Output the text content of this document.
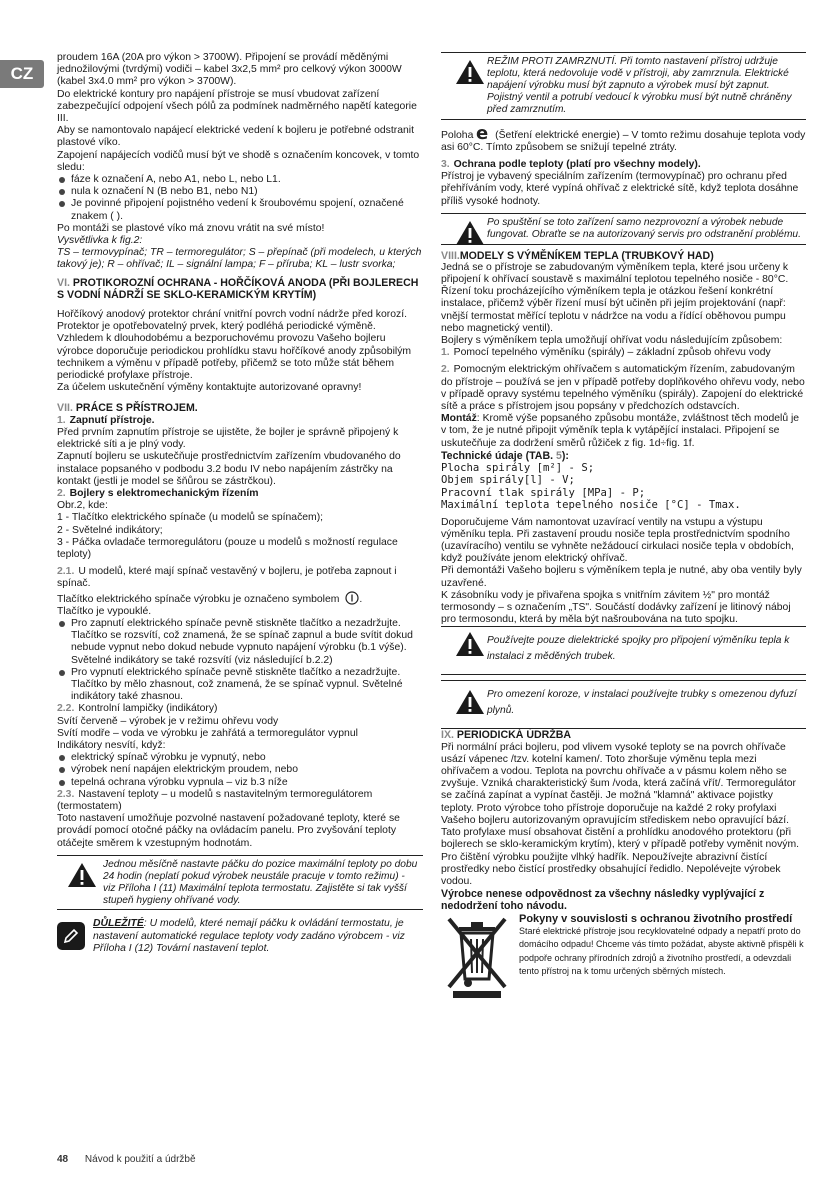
CZ

proudem 16A (20A pro výkon > 3700W). Připojení se provádí měděnými jednožilovými (tvrdými) vodiči – kabel 3x2,5 mm² pro celkový výkon 3000W (kabel 3x4.0 mm² pro výkon > 3700W).

Do elektrické kontury pro napájení přístroje se musí vbudovat zařízení zabezpečující odpojení všech pólů za podmínek nadměrného napětí kategorie III.

Aby se namontovalo napájecí elektrické vedení k bojleru je potřebné odstranit plastové víko.

Zapojení napájecích vodičů musí být ve shodě s označením koncovek, v tomto sledu:

fáze k označení A, nebo A1, nebo L, nebo L1.
nula k označení N (B nebo B1, nebo N1)
Je povinné připojení pojistného vedení k šroubovému spojení, označené znakem ( ).

Po montáži se plastové víko má znovu vrátit na své místo!

Vysvětlivka k fig.2:

TS – termovypínač; TR – termoregulátor; S – přepínač (při modelech, u kterých takový je); R – ohřívač; IL – signální lampa; F – příruba; KL – lustr svorka;

VI. PROTIKOROZNÍ OCHRANA - HOŘČÍKOVÁ ANODA (PŘI BOJLERECH S VODNÍ NÁDRŽÍ SE SKLO-KERAMICKÝM KRYTÍM)

Hořčíkový anodový protektor chrání vnitřní povrch vodní nádrže před korozí.

Protektor je opotřebovatelný prvek, který podléhá periodické výměně. Vzhledem k dlouhodobému a bezporuchovému provozu Vašeho bojleru výrobce doporučuje periodickou prohlídku stavu hořčíkové anody způsobilým technikem a výměnu v případě potřeby, přičemž se toto může stát během periodické profylaxe přístroje.

Za účelem uskutečnění výměny kontaktujte autorizované opravny!

VII. PRÁCE S PŘÍSTROJEM.

1. Zapnutí přístroje.

Před prvním zapnutím přístroje se ujistěte, že bojler je správně připojený k elektrické síti a je plný vody.

Zapnutí bojleru se uskutečňuje prostřednictvím zařízením vbudovaného do instalace popsaného v podbodu 3.2 bodu IV nebo napájením zástrčky na kontakt (jestli je model se šňůrou se zástrčkou).

2. Bojlery s elektromechanickým řízením

Obr.2, kde:

1 - Tlačítko elektrického spínače (u modelů se spínačem);

2 - Světelné indikátory;

3 - Páčka ovladače termoregulátoru (pouze u modelů s možností regulace teploty)

2.1. U modelů, které mají spínač vestavěný v bojleru, je potřeba zapnout i spínač.

Tlačítko elektrického spínače výrobku je označeno symbolem .

Tlačítko je vypouklé.

Pro zapnutí elektrického spínače pevně stiskněte tlačítko a nezadržujte. Tlačítko se rozsvítí, což znamená, že se spínač zapnul a bude svítit dokud nebude vypnut nebo dokud nebude vypnuto napájení výrobku (b.1 výše). Světelné indikátory se také rozsvítí (viz následující b.2.2)
Pro vypnutí elektrického spínače pevně stiskněte tlačítko a nezadržujte. Tlačítko by mělo zhasnout, což znamená, že se spínač vypnul. Světelné indikátory také zhasnou.

2.2. Kontrolní lampičky (indikátory)

Svítí červeně – výrobek je v režimu ohřevu vody

Svítí modře – voda ve výrobku je zahřátá a termoregulátor vypnul

Indikátory nesvítí, když:

elektrický spínač výrobku je vypnutý, nebo
výrobek není napájen elektrickým proudem, nebo
tepelná ochrana výrobku vypnula – viz b.3 níže

2.3. Nastavení teploty – u modelů s nastavitelným termoregulátorem (termostatem)

Toto nastavení umožňuje pozvolné nastavení požadované teploty, které se provádí pomocí otočné páčky na ovládacím panelu. Pro zvyšování teploty otáčejte směrem k vzestupným hodnotám.

Jednou měsíčně nastavte páčku do pozice maximální teploty po dobu 24 hodin (neplatí pokud výrobek neustále pracuje v tomto režimu) - viz Příloha I (11) Maximální teplota termostatu. Zajistěte si tak vyšší stupeň hygieny ohřívané vody.
DŮLEŽITÉ: U modelů, které nemají páčku k ovládání termostatu, je nastavení automatické regulace teploty vody zadáno výrobcem - viz Příloha I (12) Tovární nastavení teplot.
REŽIM PROTI ZAMRZNUTÍ. Při tomto nastavení přístroj udržuje teplotu, která nedovoluje vodě v přístroji, aby zamrznula. Elektrické napájení výrobku musí být zapnuto a výrobek musí být zapnut. Pojistný ventil a potrubí vedoucí k výrobku musí být nutně chráněny před zamrznutím.

Poloha e (Šetření elektrické energie) – V tomto režimu dosahuje teplota vody asi 60°C. Tímto způsobem se snižují tepelné ztráty.

3. Ochrana podle teploty (platí pro všechny modely).

Přístroj je vybavený speciálním zařízením (termovypínač) pro ochranu před přehříváním vody, které vypíná ohřívač z elektrické sítě, když teplota dosáhne příliš vysoké hodnoty.

Po spuštění se toto zařízení samo nezprovozní a výrobek nebude fungovat. Obraťte se na autorizovaný servis pro odstranění problému.

VIII.MODELY S VÝMĚNÍKEM TEPLA (TRUBKOVÝ HAD)

Jedná se o přístroje se zabudovaným výměníkem tepla, které jsou určeny k připojení k ohřívací soustavě s maximální teplotou tepelného nosiče - 80°C. Řízení toku procházejícího výměníkem tepla je otázkou řešení konkrétní instalace, přičemž výběr řízení musí být učiněn při jejím projektování (např: vnější termostat měřící teplotu v nádržce na vodu a řídící oběhovou pumpu nebo magnetický ventil).

Bojlery s výměníkem tepla umožňují ohřívat vodu následujícím způsobem:

1. Pomocí tepelného výměníku (spirály) – základní způsob ohřevu vody

2. Pomocným elektrickým ohřívačem s automatickým řízením, zabudovaným do přístroje – používá se jen v případě potřeby doplňkového ohřevu vody, nebo v případě opravy systému tepelného výměníku (spirály). Zapojení do elektrické sítě a práce s přístrojem jsou popsány v předchozích odstavcích.

Montáž: Kromě výše popsaného způsobu montáže, zvláštnost těch modelů je v tom, že je nutné připojit výměník tepla k vytápějící instalaci. Připojení se uskutečňuje za dodržení směrů růžiček z fig. 1d÷fig. 1f.

Technické údaje (TAB. 5):

Plocha spirály [m²] - S;

Objem spirály[l] - V;

Pracovní tlak spirály [MPa] - P;

Maximální teplota tepelného nosiče [°C] - Tmax.

Doporučujeme Vám namontovat uzavírací ventily na vstupu a výstupu výměníku tepla. Při zastavení proudu nosiče tepla prostřednictvím spodního (uzavíracího) ventilu se vyhněte nežádoucí cirkulaci nosiče tepla v obdobích, když používáte jenom elektrický ohřívač.

Při demontáži Vašeho bojleru s výměníkem tepla je nutné, aby oba ventily byly uzavřené.

K zásobníku vody je přivařena spojka s vnitřním závitem ½" pro montáž termosondy – s označením „TS". Součástí dodávky zařízení je litinový náboj pro termosondu, která by měla být našroubována na tuto spojku.

Používejte pouze dielektrické spojky pro připojení výměníku tepla k instalaci z měděných trubek.
Pro omezení koroze, v instalaci používejte trubky s omezenou dyfuzí plynů.

IX. PERIODICKÁ ÚDRŽBA

Při normální práci bojleru, pod vlivem vysoké teploty se na povrch ohřívače usází vápenec /tzv. kotelní kamen/. Toto zhoršuje výměnu tepla mezi ohřívačem a vodou. Teplota na povrchu ohřívače a v pásmu kolem něho se zvyšuje. Vzniká charakteristický šum /voda, která začíná vřít/. Termoregulátor se začíná zapínat a vypínat častěji. Je možná "klamná" aktivace pojistky teploty. Proto výrobce toho přístroje doporučuje na každé 2 roky profylaxi Vašeho bojleru autorizovaným opravujícím střediskem nebo opravující bází. Tato profylaxe musí obsahovat čistění a prohlídku anodového protektoru (při bojlerech se sklo-keramickým krytím), který v případě potřeby vyměnit novým.

Pro čištění výrobku použijte vlhký hadřík. Nepoužívejte abrazivní čistící prostředky nebo čistící prostředky obsahující ředidlo. Nepolévejte výrobek vodou.

Výrobce nenese odpovědnost za všechny následky vyplývající z nedodržení toho návodu.

Pokyny v souvislosti s ochranou životního prostředí

Staré elektrické přístroje jsou recyklovatelné odpady a nepatří proto do domácího odpadu! Chceme vás tímto požádat, abyste aktivně přispěli k podpoře ochrany přírodních zdrojů a životního prostředí, a odevzdali tento přístroj na k tomu určených sběrných místech.

48 Návod k použití a údržbě
